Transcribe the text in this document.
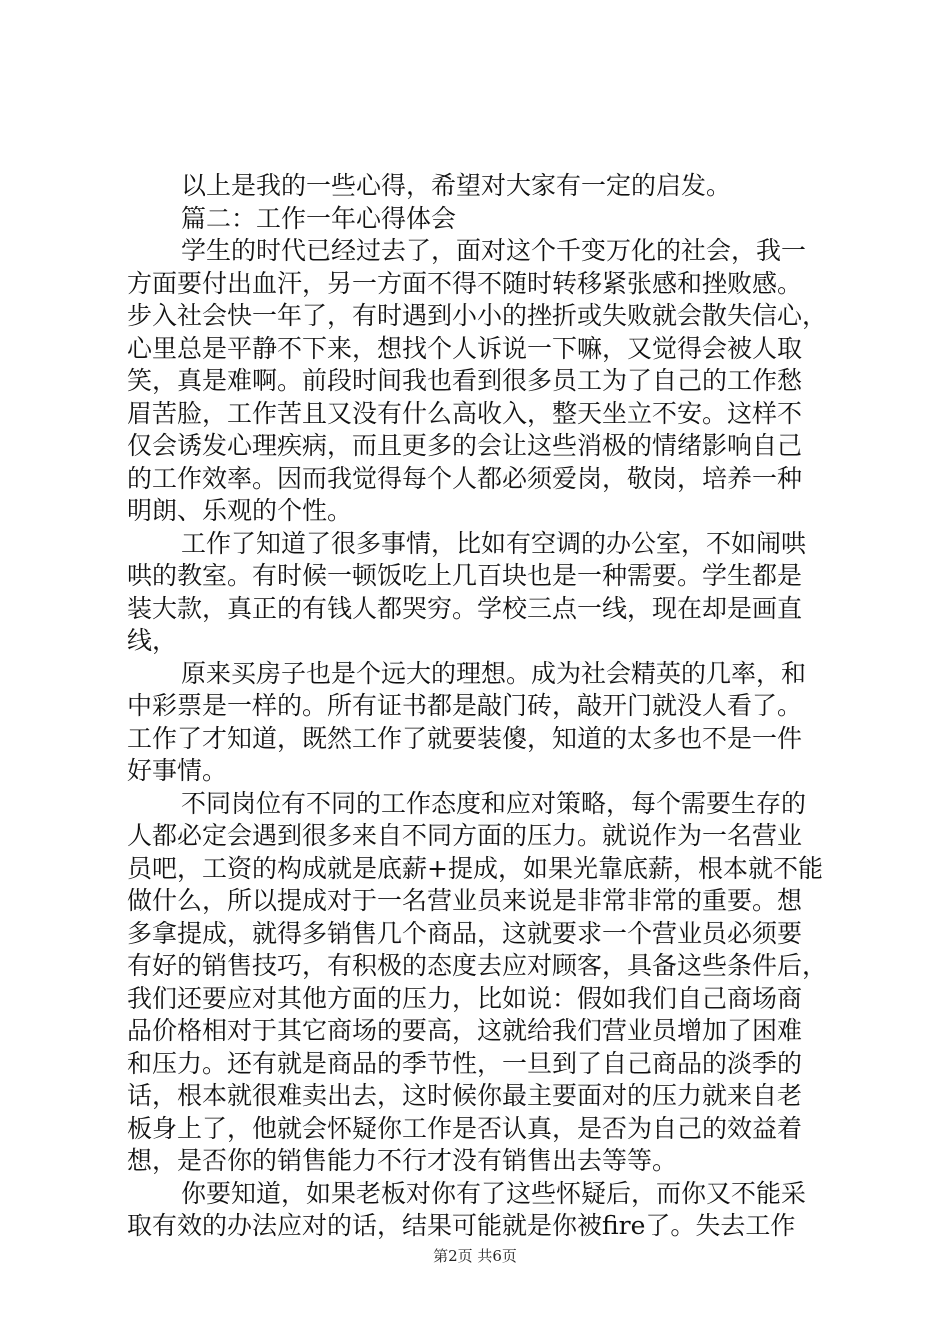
以上是我的一些心得，希望对大家有一定的启发。
篇二：工作一年心得体会
学生的时代已经过去了，面对这个千变万化的社会，我一
方面要付出血汗，另一方面不得不随时转移紧张感和挫败感。
步入社会快一年了，有时遇到小小的挫折或失败就会散失信心，
心里总是平静不下来，想找个人诉说一下嘛，又觉得会被人取
笑，真是难啊。前段时间我也看到很多员工为了自己的工作愁
眉苦脸，工作苦且又没有什么高收入，整天坐立不安。这样不
仅会诱发心理疾病，而且更多的会让这些消极的情绪影响自己
的工作效率。因而我觉得每个人都必须爱岗，敬岗，培养一种
明朗、乐观的个性。
工作了知道了很多事情，比如有空调的办公室，不如闹哄
哄的教室。有时候一顿饭吃上几百块也是一种需要。学生都是
装大款，真正的有钱人都哭穷。学校三点一线，现在却是画直
线，
原来买房子也是个远大的理想。成为社会精英的几率，和
中彩票是一样的。所有证书都是敲门砖，敲开门就没人看了。
工作了才知道，既然工作了就要装傻，知道的太多也不是一件
好事情。
不同岗位有不同的工作态度和应对策略，每个需要生存的
人都必定会遇到很多来自不同方面的压力。就说作为一名营业
员吧，工资的构成就是底薪+提成，如果光靠底薪，根本就不能
做什么，所以提成对于一名营业员来说是非常非常的重要。想
多拿提成，就得多销售几个商品，这就要求一个营业员必须要
有好的销售技巧，有积极的态度去应对顾客，具备这些条件后，
我们还要应对其他方面的压力，比如说：假如我们自己商场商
品价格相对于其它商场的要高，这就给我们营业员增加了困难
和压力。还有就是商品的季节性，一旦到了自己商品的淡季的
话，根本就很难卖出去，这时候你最主要面对的压力就来自老
板身上了，他就会怀疑你工作是否认真，是否为自己的效益着
想，是否你的销售能力不行才没有销售出去等等。
你要知道，如果老板对你有了这些怀疑后，而你又不能采
取有效的办法应对的话，结果可能就是你被fire了。失去工作
第2页 共6页
